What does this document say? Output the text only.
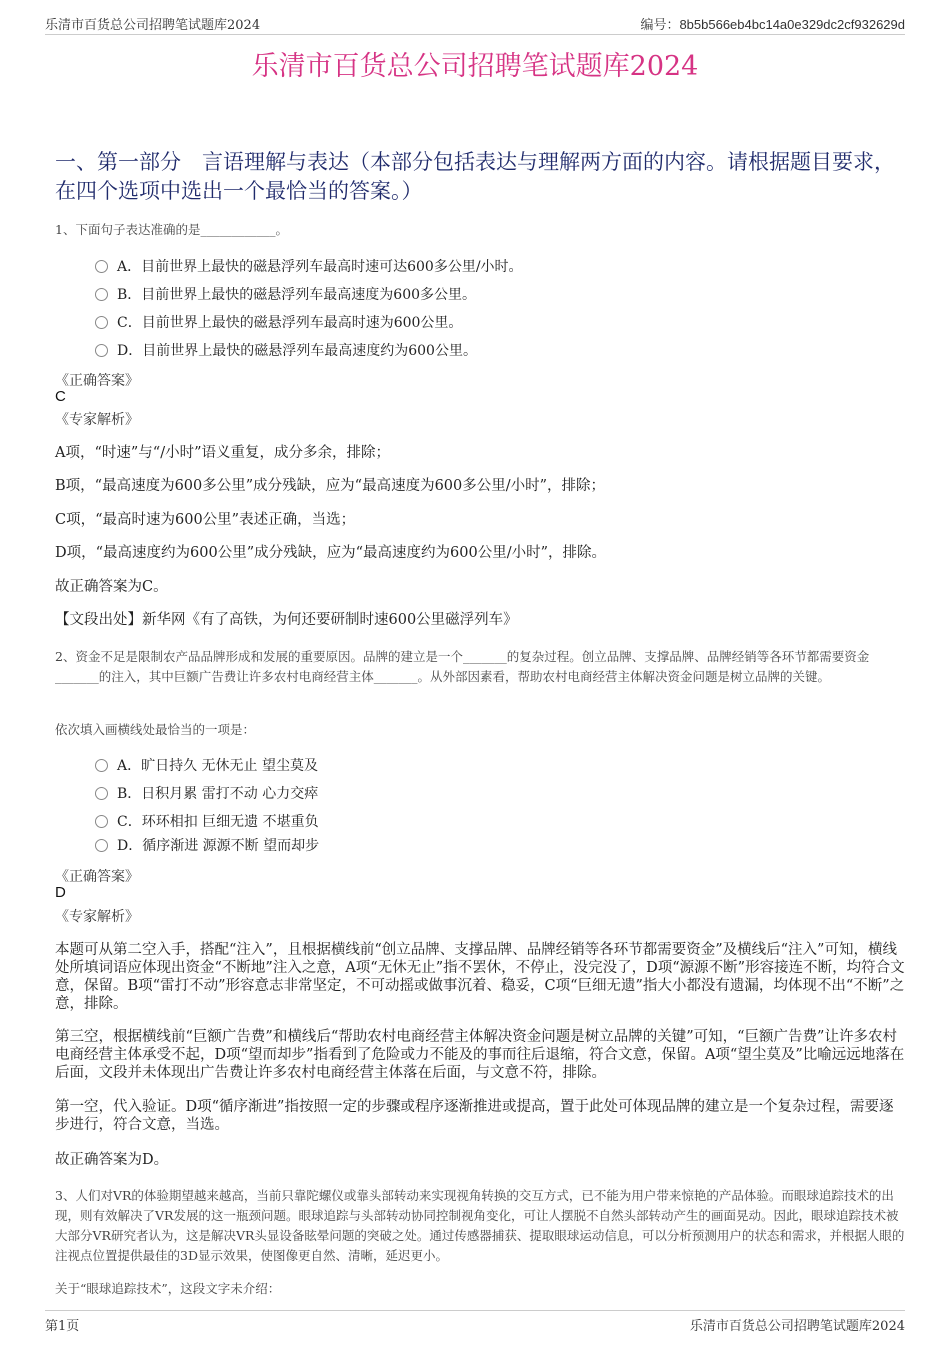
乐清市百货总公司招聘笔试题库2024	编号：8b5b566eb4bc14a0e329dc2cf932629d
乐清市百货总公司招聘笔试题库2024
一、第一部分　言语理解与表达（本部分包括表达与理解两方面的内容。请根据题目要求，在四个选项中选出一个最恰当的答案。）
1、下面句子表达准确的是____________。
A．目前世界上最快的磁悬浮列车最高时速可达600多公里/小时。
B．目前世界上最快的磁悬浮列车最高速度为600多公里。
C．目前世界上最快的磁悬浮列车最高时速为600公里。
D．目前世界上最快的磁悬浮列车最高速度约为600公里。
《正确答案》
C
《专家解析》
A项，“时速”与“/小时”语义重复，成分多余，排除；
B项，“最高速度为600多公里”成分残缺，应为“最高速度为600多公里/小时”，排除；
C项，“最高时速为600公里”表述正确，当选；
D项，“最高速度约为600公里”成分残缺，应为“最高速度约为600公里/小时”，排除。
故正确答案为C。
【文段出处】新华网《有了高铁，为何还要研制时速600公里磁浮列车》
2、资金不足是限制农产品品牌形成和发展的重要原因。品牌的建立是一个_______的复杂过程。创立品牌、支撑品牌、品牌经销等各环节都需要资金_______的注入，其中巨额广告费让许多农村电商经营主体_______。从外部因素看，帮助农村电商经营主体解决资金问题是树立品牌的关键。
依次填入画横线处最恰当的一项是：
A．旷日持久 无休无止 望尘莫及
B．日积月累 雷打不动 心力交瘁
C．环环相扣 巨细无遗 不堪重负
D．循序渐进 源源不断 望而却步
《正确答案》
D
《专家解析》
本题可从第二空入手，搭配“注入”，且根据横线前“创立品牌、支撑品牌、品牌经销等各环节都需要资金”及横线后“注入”可知，横线处所填词语应体现出资金“不断地”注入之意，A项“无休无止”指不罢休，不停止，没完没了，D项“源源不断”形容接连不断，均符合文意，保留。B项“雷打不动”形容意志非常坚定，不可动摇或做事沉着、稳妥，C项“巨细无遗”指大小都没有遗漏，均体现不出“不断”之意，排除。
第三空，根据横线前“巨额广告费”和横线后“帮助农村电商经营主体解决资金问题是树立品牌的关键”可知，“巨额广告费”让许多农村电商经营主体承受不起，D项“望而却步”指看到了危险或力不能及的事而往后退缩，符合文意，保留。A项“望尘莫及”比喻远远地落在后面，文段并未体现出广告费让许多农村电商经营主体落在后面，与文意不符，排除。
第一空，代入验证。D项“循序渐进”指按照一定的步骤或程序逐渐推进或提高，置于此处可体现品牌的建立是一个复杂过程，需要逐步进行，符合文意，当选。
故正确答案为D。
3、人们对VR的体验期望越来越高，当前只靠陀螺仪或靠头部转动来实现视角转换的交互方式，已不能为用户带来惊艳的产品体验。而眼球追踪技术的出现，则有效解决了VR发展的这一瓶颈问题。眼球追踪与头部转动协同控制视角变化，可让人摆脱不自然头部转动产生的画面晃动。因此，眼球追踪技术被大部分VR研究者认为，这是解决VR头显设备眩晕问题的突破之处。通过传感器捕获、提取眼球运动信息，可以分析预测用户的状态和需求，并根据人眼的注视点位置提供最佳的3D显示效果，使图像更自然、清晰，延迟更小。
关于“眼球追踪技术”，这段文字未介绍：
第1页	乐清市百货总公司招聘笔试题库2024
